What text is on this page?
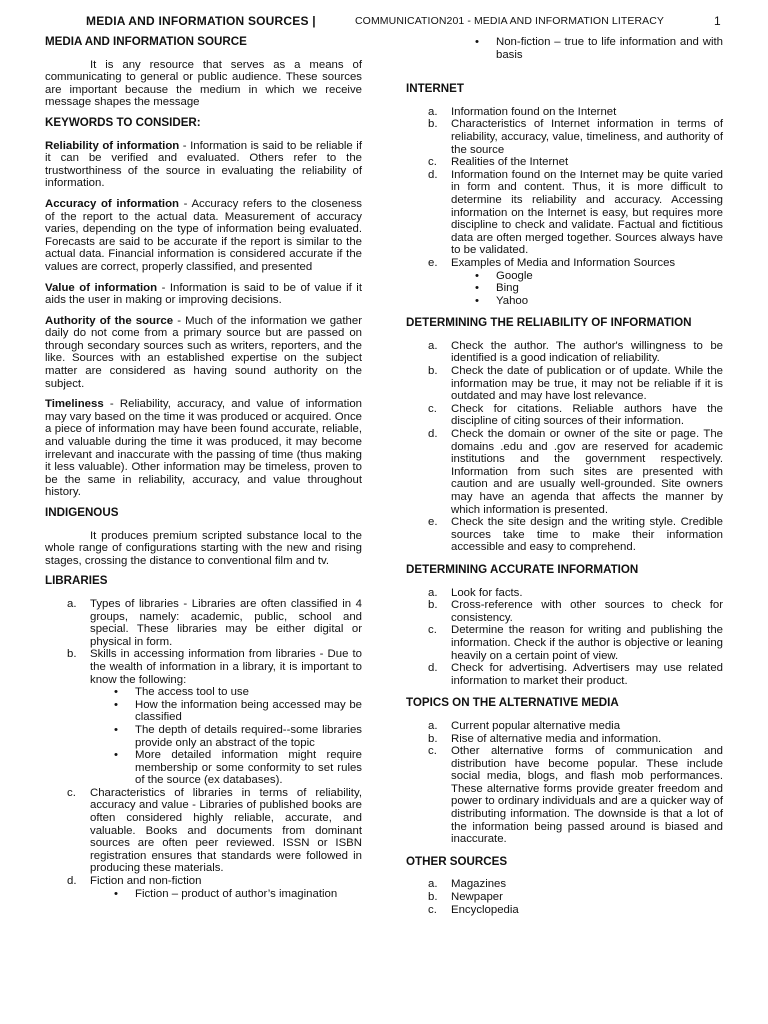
MEDIA AND INFORMATION SOURCES |	COMMUNICATION201 - MEDIA AND INFORMATION LITERACY	1
MEDIA AND INFORMATION SOURCE

It is any resource that serves as a means of communicating to general or public audience. These sources are important because the medium in which we receive message shapes the message

KEYWORDS TO CONSIDER:

Reliability of information - Information is said to be reliable if it can be verified and evaluated. Others refer to the trustworthiness of the source in evaluating the reliability of information.

Accuracy of information - Accuracy refers to the closeness of the report to the actual data. Measurement of accuracy varies, depending on the type of information being evaluated. Forecasts are said to be accurate if the report is similar to the actual data. Financial information is considered accurate if the values are correct, properly classified, and presented

Value of information - Information is said to be of value if it aids the user in making or improving decisions.

Authority of the source - Much of the information we gather daily do not come from a primary source but are passed on through secondary sources such as writers, reporters, and the like. Sources with an established expertise on the subject matter are considered as having sound authority on the subject.

Timeliness - Reliability, accuracy, and value of information may vary based on the time it was produced or acquired. Once a piece of information may have been found accurate, reliable, and valuable during the time it was produced, it may become irrelevant and inaccurate with the passing of time (thus making it less valuable). Other information may be timeless, proven to be the same in reliability, accuracy, and value throughout history.

INDIGENOUS

It produces premium scripted substance local to the whole range of configurations starting with the new and rising stages, crossing the distance to conventional film and tv.

LIBRARIES
a. Types of libraries - Libraries are often classified in 4 groups, namely: academic, public, school and special. These libraries may be either digital or physical in form.
b. Skills in accessing information from libraries - Due to the wealth of information in a library, it is important to know the following:
• The access tool to use
• How the information being accessed may be classified
• The depth of details required--some libraries provide only an abstract of the topic
• More detailed information might require membership or some conformity to set rules of the source (ex databases).
c. Characteristics of libraries in terms of reliability, accuracy and value - Libraries of published books are often considered highly reliable, accurate, and valuable. Books and documents from dominant sources are often peer reviewed. ISSN or ISBN registration ensures that standards were followed in producing these materials.
d. Fiction and non-fiction
• Fiction – product of author’s imagination
• Non-fiction – true to life information and with basis
INTERNET
a. Information found on the Internet
b. Characteristics of Internet information in terms of reliability, accuracy, value, timeliness, and authority of the source
c. Realities of the Internet
d. Information found on the Internet may be quite varied in form and content. Thus, it is more difficult to determine its reliability and accuracy. Accessing information on the Internet is easy, but requires more discipline to check and validate. Factual and fictitious data are often merged together. Sources always have to be validated.
e. Examples of Media and Information Sources
• Google
• Bing
• Yahoo
DETERMINING THE RELIABILITY OF INFORMATION
a. Check the author. The author's willingness to be identified is a good indication of reliability.
b. Check the date of publication or of update. While the information may be true, it may not be reliable if it is outdated and may have lost relevance.
c. Check for citations. Reliable authors have the discipline of citing sources of their information.
d. Check the domain or owner of the site or page. The domains .edu and .gov are reserved for academic institutions and the government respectively. Information from such sites are presented with caution and are usually well-grounded. Site owners may have an agenda that affects the manner by which information is presented.
e. Check the site design and the writing style. Credible sources take time to make their information accessible and easy to comprehend.
DETERMINING ACCURATE INFORMATION
a. Look for facts.
b. Cross-reference with other sources to check for consistency.
c. Determine the reason for writing and publishing the information. Check if the author is objective or leaning heavily on a certain point of view.
d. Check for advertising. Advertisers may use related information to market their product.
TOPICS ON THE ALTERNATIVE MEDIA
a. Current popular alternative media
b. Rise of alternative media and information.
c. Other alternative forms of communication and distribution have become popular. These include social media, blogs, and flash mob performances. These alternative forms provide greater freedom and power to ordinary individuals and are a quicker way of distributing information. The downside is that a lot of the information being passed around is biased and inaccurate.
OTHER SOURCES
a. Magazines
b. Newpaper
c. Encyclopedia
